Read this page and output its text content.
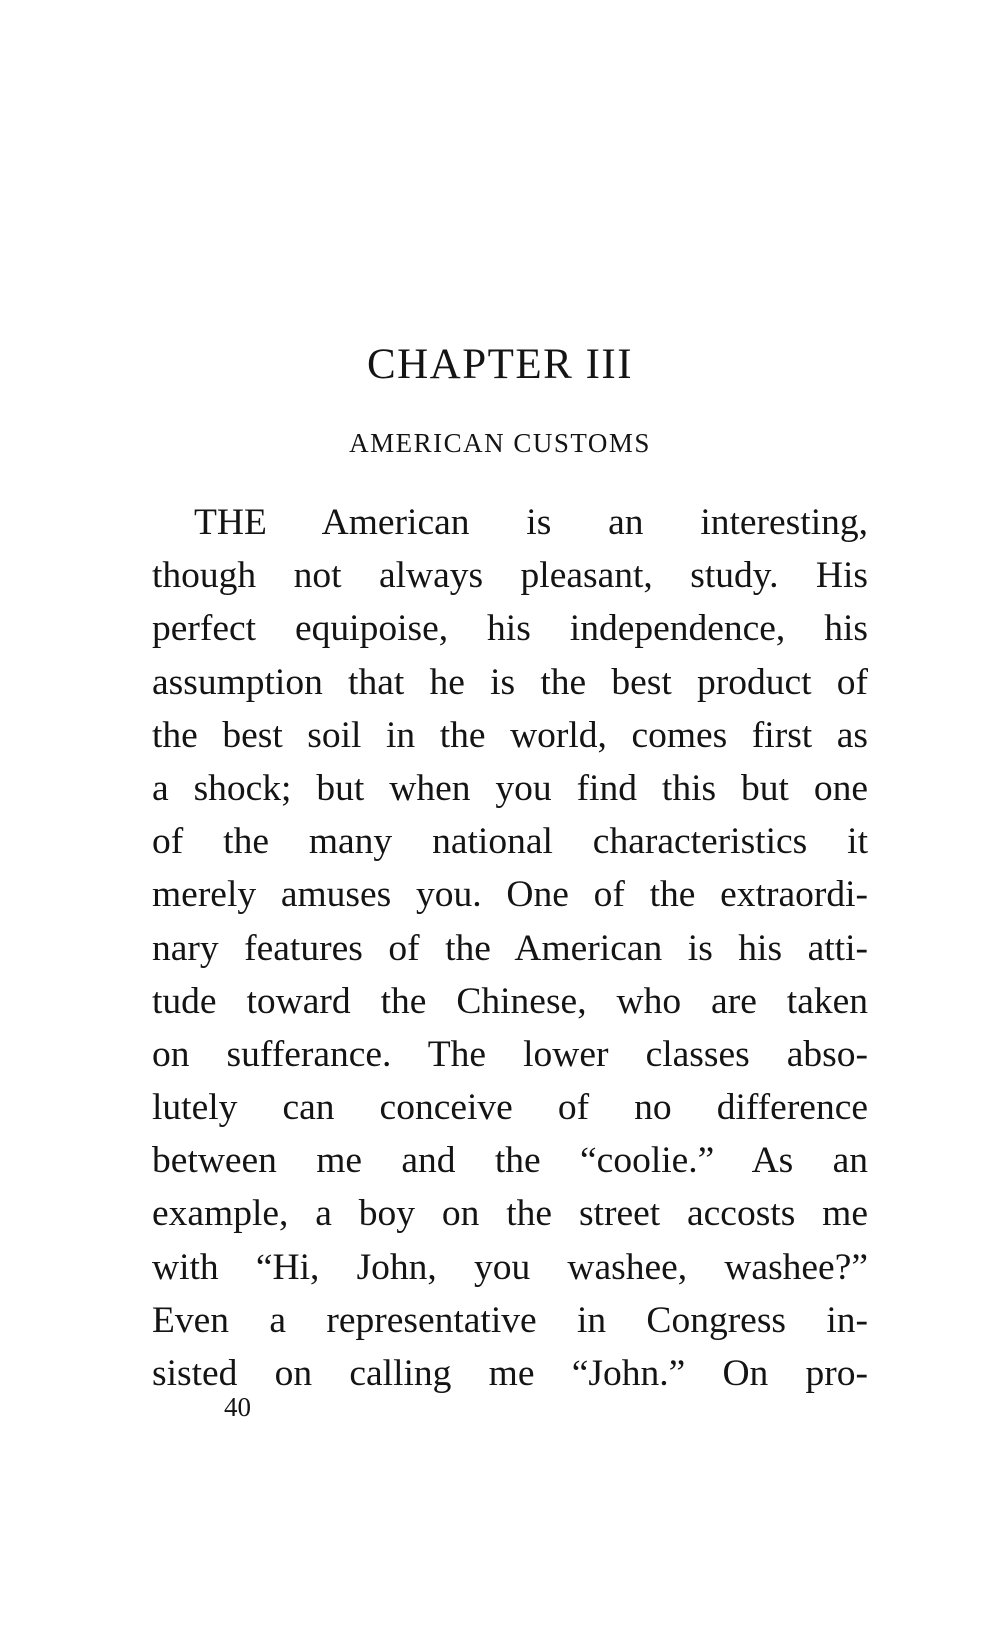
CHAPTER III
AMERICAN CUSTOMS
THE American is an interesting,
though not always pleasant, study. His
perfect equipoise, his independence, his
assumption that he is the best product of
the best soil in the world, comes first as
a shock; but when you find this but one
of the many national characteristics it
merely amuses you. One of the extraordi-
nary features of the American is his atti-
tude toward the Chinese, who are taken
on sufferance. The lower classes abso-
lutely can conceive of no difference
between me and the “coolie.” As an
example, a boy on the street accosts me
with “Hi, John, you washee, washee?”
Even a representative in Congress in-
sisted on calling me “John.” On pro-
40
